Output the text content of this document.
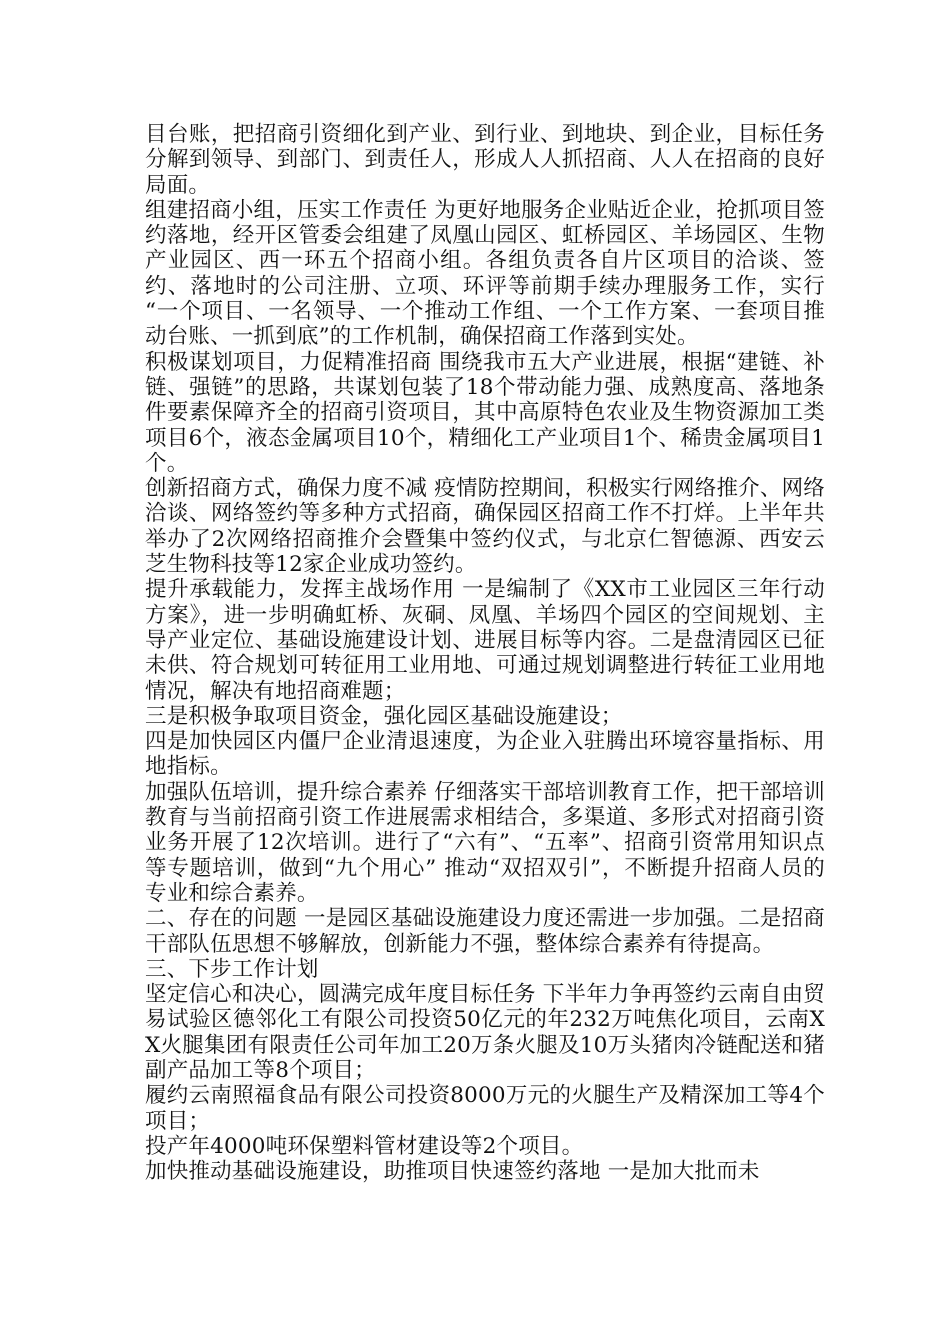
目台账，把招商引资细化到产业、到行业、到地块、到企业，目标任务分解到领导、到部门、到责任人，形成人人抓招商、人人在招商的良好局面。

组建招商小组，压实工作责任 为更好地服务企业贴近企业，抢抓项目签约落地，经开区管委会组建了凤凰山园区、虹桥园区、羊场园区、生物产业园区、西一环五个招商小组。各组负责各自片区项目的洽谈、签约、落地时的公司注册、立项、环评等前期手续办理服务工作，实行 “一个项目、一名领导、一个推动工作组、一个工作方案、一套项目推动台账、一抓到底”的工作机制，确保招商工作落到实处。

积极谋划项目，力促精准招商 围绕我市五大产业进展，根据“建链、补链、强链”的思路，共谋划包装了18个带动能力强、成熟度高、落地条件要素保障齐全的招商引资项目，其中高原特色农业及生物资源加工类项目6个，液态金属项目10个，精细化工产业项目1个、稀贵金属项目1个。

创新招商方式，确保力度不减 疫情防控期间，积极实行网络推介、网络洽谈、网络签约等多种方式招商，确保园区招商工作不打烊。上半年共举办了2次网络招商推介会暨集中签约仪式，与北京仁智德源、西安云芝生物科技等12家企业成功签约。

提升承载能力，发挥主战场作用 一是编制了《XX市工业园区三年行动方案》，进一步明确虹桥、灰硐、凤凰、羊场四个园区的空间规划、主导产业定位、基础设施建设计划、进展目标等内容。二是盘清园区已征未供、符合规划可转征用工业用地、可通过规划调整进行转征工业用地情况，解决有地招商难题；

三是积极争取项目资金，强化园区基础设施建设；

四是加快园区内僵尸企业清退速度，为企业入驻腾出环境容量指标、用地指标。

加强队伍培训，提升综合素养 仔细落实干部培训教育工作，把干部培训教育与当前招商引资工作进展需求相结合，多渠道、多形式对招商引资业务开展了12次培训。进行了“六有”、“五率”、招商引资常用知识点等专题培训，做到“九个用心” 推动“双招双引”，不断提升招商人员的专业和综合素养。

二、存在的问题 一是园区基础设施建设力度还需进一步加强。二是招商干部队伍思想不够解放，创新能力不强，整体综合素养有待提高。

三、下步工作计划

坚定信心和决心，圆满完成年度目标任务 下半年力争再签约云南自由贸易试验区德邻化工有限公司投资50亿元的年232万吨焦化项目，云南XX火腿集团有限责任公司年加工20万条火腿及10万头猪肉冷链配送和猪副产品加工等8个项目；

履约云南照福食品有限公司投资8000万元的火腿生产及精深加工等4个项目；

投产年4000吨环保塑料管材建设等2个项目。

加快推动基础设施建设，助推项目快速签约落地 一是加大批而未
